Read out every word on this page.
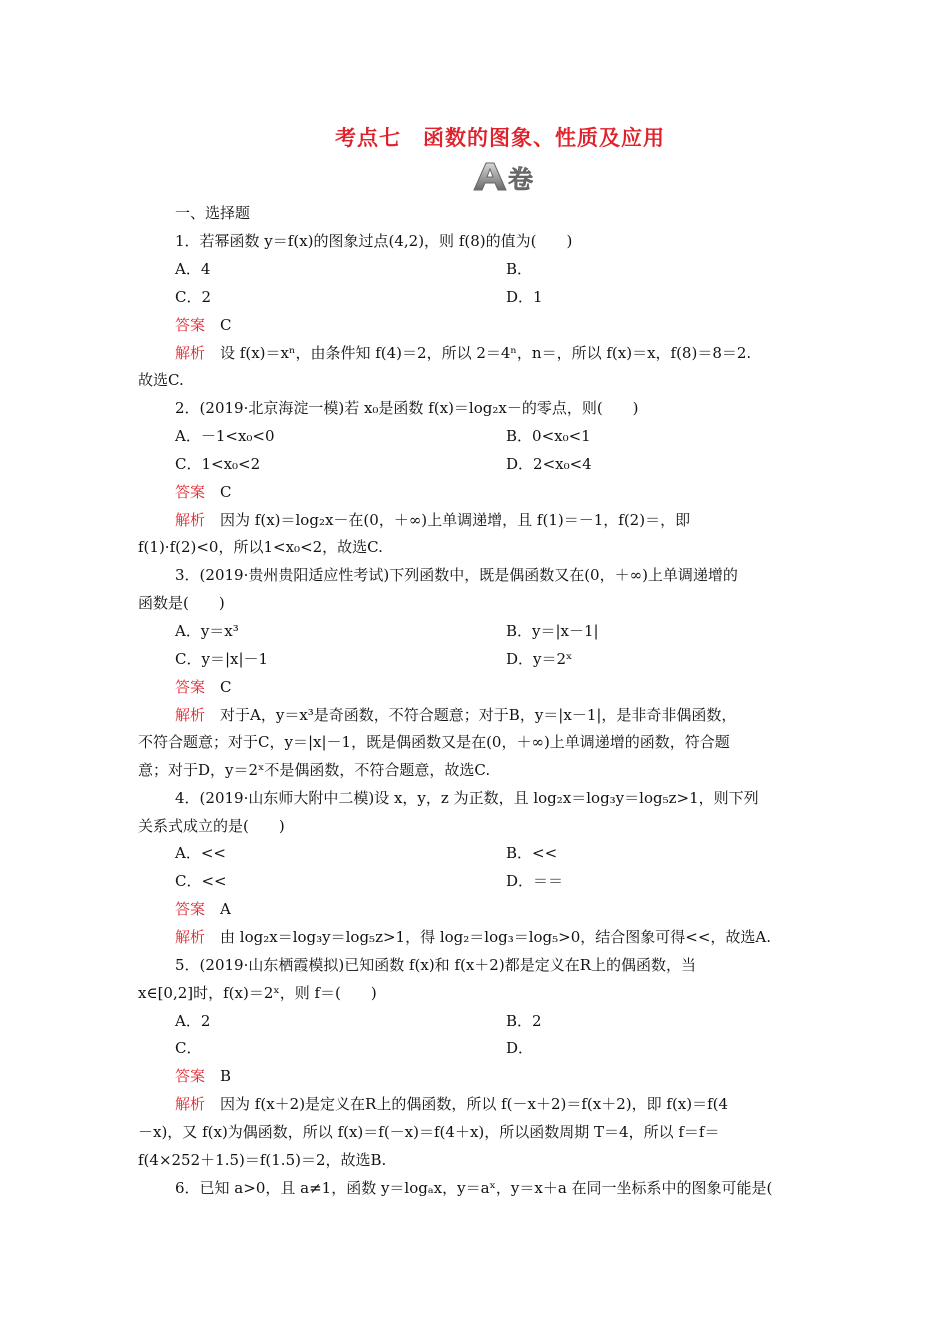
考点七　函数的图象、性质及应用
卷
一、选择题
1．若幂函数 y＝f(x)的图象过点(4,2)，则 f(8)的值为(　　)
A．4	B．
C．2	D．1
答案　 C
解析　 设 f(x)＝xⁿ，由条件知 f(4)＝2，所以 2＝4ⁿ，n＝，所以 f(x)＝x，f(8)＝8＝2.
故选C.
2．(2019·北京海淀一模)若 x₀是函数 f(x)＝log₂x－的零点，则(　　)
A．－1<x₀<0	B．0<x₀<1
C．1<x₀<2	D．2<x₀<4
答案　 C
解析　 因为 f(x)＝log₂x－在(0，＋∞)上单调递增，且 f(1)＝－1，f(2)＝，即
f(1)·f(2)<0，所以1<x₀<2，故选C.
3．(2019·贵州贵阳适应性考试)下列函数中，既是偶函数又在(0，＋∞)上单调递增的
函数是(　　)
A．y＝x³	B．y＝|x－1|
C．y＝|x|－1	D．y＝2ˣ
答案　 C
解析　 对于A，y＝x³是奇函数，不符合题意；对于B，y＝|x－1|，是非奇非偶函数，
不符合题意；对于C，y＝|x|－1，既是偶函数又是在(0，＋∞)上单调递增的函数，符合题
意；对于D，y＝2ˣ不是偶函数，不符合题意，故选C.
4．(2019·山东师大附中二模)设 x，y，z 为正数，且 log₂x＝log₃y＝log₅z>1，则下列
关系式成立的是(　　)
A．<<	B．<<
C．<<	D．＝＝
答案　 A
解析　 由 log₂x＝log₃y＝log₅z>1，得 log₂＝log₃＝log₅>0，结合图象可得<<，故选A.
5．(2019·山东栖霞模拟)已知函数 f(x)和 f(x＋2)都是定义在R上的偶函数，当
x∈[0,2]时，f(x)＝2ˣ，则 f＝(　　)
A．2	B．2
C．	D．
答案　 B
解析　 因为 f(x＋2)是定义在R上的偶函数，所以 f(－x＋2)＝f(x＋2)，即 f(x)＝f(4
－x)，又 f(x)为偶函数，所以 f(x)＝f(－x)＝f(4＋x)，所以函数周期 T＝4，所以 f＝f＝
f(4×252＋1.5)＝f(1.5)＝2，故选B.
6．已知 a>0，且 a≠1，函数 y＝logₐx，y＝aˣ，y＝x＋a 在同一坐标系中的图象可能是(
